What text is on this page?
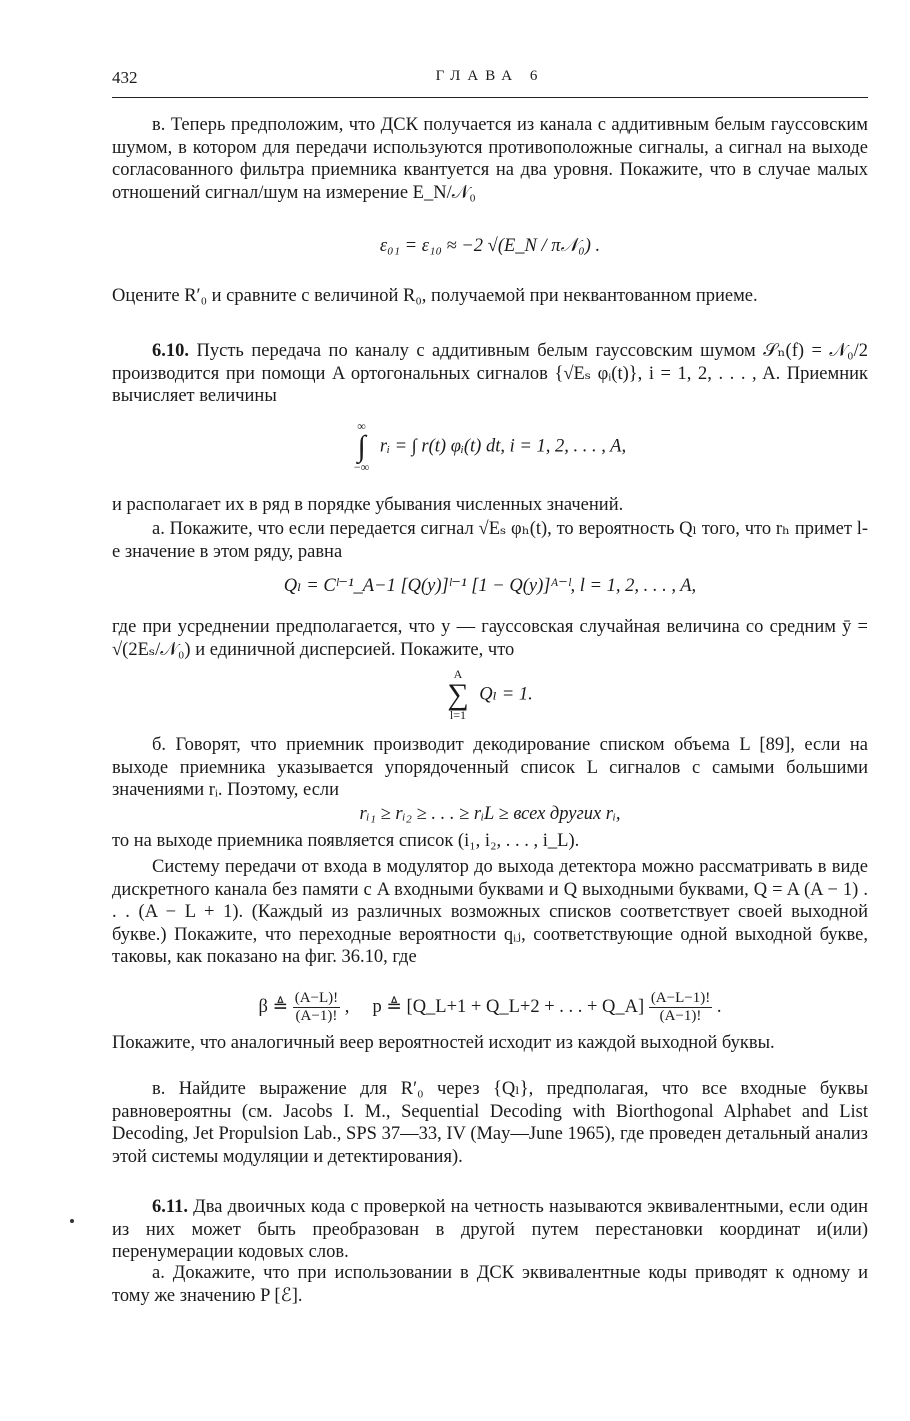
432	ГЛАВА 6

в. Теперь предположим, что ДСК получается из канала с аддитивным белым гауссовским шумом, в котором для передачи используются противоположные сигналы, а сигнал на выходе согласованного фильтра приемника квантуется на два уровня. Покажите, что в случае малых отношений сигнал/шум на измерение E_N/𝒩₀

ε₀₁ = ε₁₀ ≈ −2 √(E_N / π𝒩₀) .

Оцените R′₀ и сравните с величиной R₀, получаемой при неквантованном приеме.

6.10. Пусть передача по каналу с аддитивным белым гауссовским шумом 𝒮ₙ(f) = 𝒩₀/2 производится при помощи A ортогональных сигналов {√Eₛ φᵢ(t)}, i = 1, 2, . . . , A. Приемник вычисляет величины

∞
∫
−∞
rᵢ = ∫ r(t) φᵢ(t) dt, i = 1, 2, . . . , A,

и располагает их в ряд в порядке убывания численных значений.

а. Покажите, что если передается сигнал √Eₛ φₕ(t), то вероятность Qₗ того, что rₕ примет l-е значение в этом ряду, равна

Qₗ = Cˡ⁻¹_A−1 [Q(y)]ˡ⁻¹ [1 − Q(y)]ᴬ⁻ˡ, l = 1, 2, . . . , A,

где при усреднении предполагается, что y — гауссовская случайная величина со средним ȳ = √(2Eₛ/𝒩₀) и единичной дисперсией. Покажите, что

A
∑
l=1
Qₗ = 1.

б. Говорят, что приемник производит декодирование списком объема L [89], если на выходе приемника указывается упорядоченный список L сигналов с самыми большими значениями rᵢ. Поэтому, если

rᵢ₁ ≥ rᵢ₂ ≥ . . . ≥ rᵢL ≥ всех других rᵢ,

то на выходе приемника появляется список (i₁, i₂, . . . , i_L).

Систему передачи от входа в модулятор до выхода детектора можно рассматривать в виде дискретного канала без памяти с A входными буквами и Q выходными буквами, Q = A (A − 1) . . . (A − L + 1). (Каждый из различных возможных списков соответствует своей выходной букве.) Покажите, что переходные вероятности qᵢⱼ, соответствующие одной выходной букве, таковы, как показано на фиг. 36.10, где

β ≜ $\frac{(A-L)!}{(A-1)!}$ ,     p ≜ [Q_L+1 + Q_L+2 + . . . + Q_A] $\frac{(A-L-1)!}{(A-1)!}$ .

Покажите, что аналогичный веер вероятностей исходит из каждой выходной буквы.

в. Найдите выражение для R′₀ через {Qₗ}, предполагая, что все входные буквы равновероятны (см. Jacobs I. M., Sequential Decoding with Biorthogonal Alphabet and List Decoding, Jet Propulsion Lab., SPS 37—33, IV (May—June 1965), где проведен детальный анализ этой системы модуляции и детектирования).

6.11. Два двоичных кода с проверкой на четность называются эквивалентными, если один из них может быть преобразован в другой путем перестановки координат и(или) перенумерации кодовых слов.

а. Докажите, что при использовании в ДСК эквивалентные коды приводят к одному и тому же значению P [ℰ].
